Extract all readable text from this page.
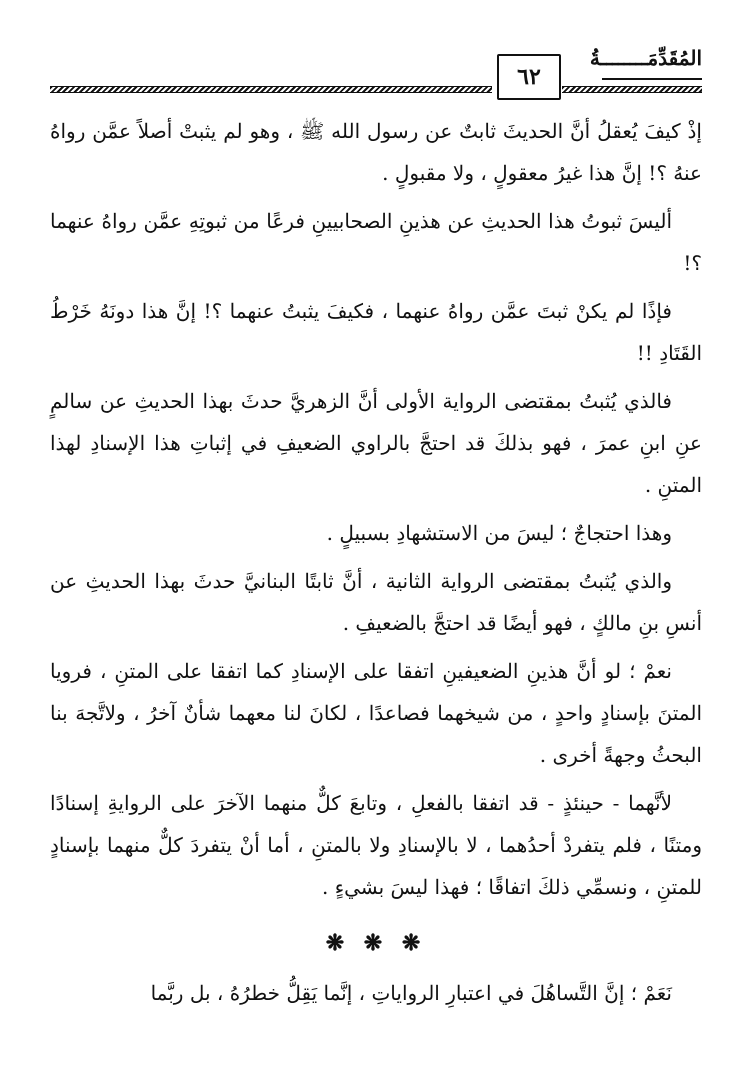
المُقَدِّمَــــــــةُ
٦٢

إذْ كيفَ يُعقلُ أنَّ الحديثَ ثابتٌ عن رسول الله ﷺ ، وهو لم يثبتْ أصلاً عمَّن رواهُ عنهُ ؟! إنَّ هذا غيرُ معقولٍ ، ولا مقبولٍ .

أليسَ ثبوتُ هذا الحديثِ عن هذينِ الصحابيينِ فرعًا من ثبوتِهِ عمَّن رواهُ عنهما ؟!

فإذًا لم يكنْ ثبتَ عمَّن رواهُ عنهما ، فكيفَ يثبتُ عنهما ؟! إنَّ هذا دونَهُ خَرْطُ القَتَادِ !!

فالذي يُثبتُ بمقتضى الرواية الأولى أنَّ الزهريَّ حدثَ بهذا الحديثِ عن سالمٍ عنِ ابنِ عمرَ ، فهو بذلكَ قد احتجَّ بالراوي الضعيفِ في إثباتِ هذا الإسنادِ لهذا المتنِ .

وهذا احتجاجٌ ؛ ليسَ من الاستشهادِ بسبيلٍ .

والذي يُثبتُ بمقتضى الرواية الثانية ، أنَّ ثابتًا البنانيَّ حدثَ بهذا الحديثِ عن أنسِ بنِ مالكٍ ، فهو أيضًا قد احتجَّ بالضعيفِ .

نعمْ ؛ لو أنَّ هذينِ الضعيفينِ اتفقا على الإسنادِ كما اتفقا على المتنِ ، فرويا المتنَ بإسنادٍ واحدٍ ، من شيخهما فصاعدًا ، لكانَ لنا معهما شأنٌ آخرُ ، ولاتَّجهَ بنا البحثُ وجهةً أخرى .

لأنَّهما - حينئذٍ - قد اتفقا بالفعلِ ، وتابعَ كلٌّ منهما الآخرَ على الروايةِ إسنادًا ومتنًا ، فلم يتفردْ أحدُهما ، لا بالإسنادِ ولا بالمتنِ ، أما أنْ يتفردَ كلٌّ منهما بإسنادٍ للمتنِ ، ونسمِّي ذلكَ اتفاقًا ؛ فهذا ليسَ بشيءٍ .

❋ ❋ ❋

نَعَمْ ؛ إنَّ التَّساهُلَ في اعتبارِ الرواياتِ ، إنَّما يَقِلُّ خطرُهُ ، بل ربَّما
